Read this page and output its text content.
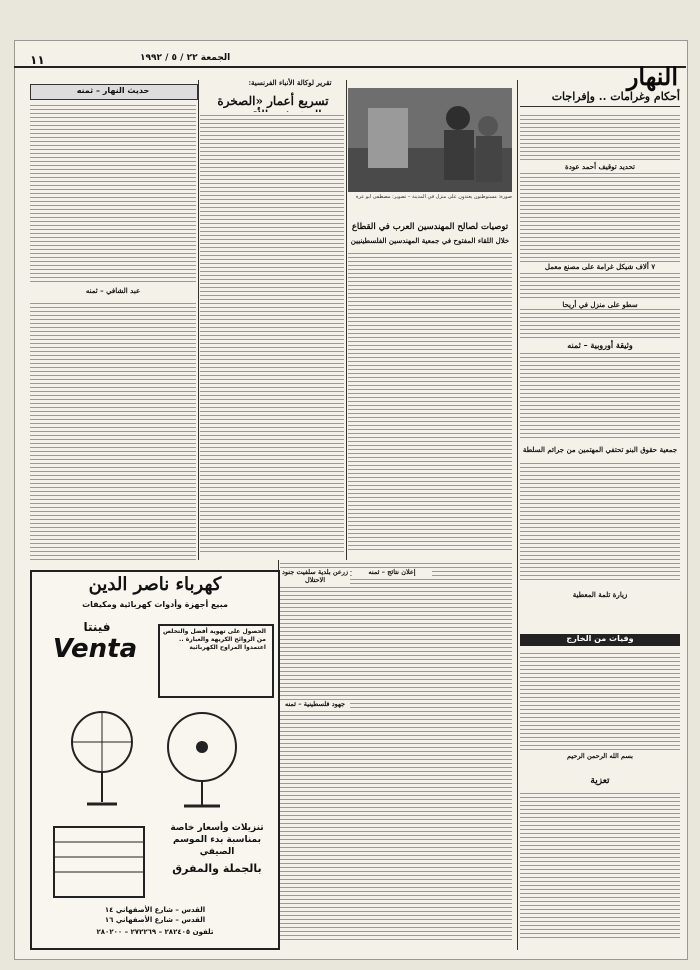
١١	الجمعة ٢٢ / ٥ / ١٩٩٢
النهار
أحكام وغرامات .. وإفراجات
تقرير لوكالة الأنباء الفرنسية:
تسريع أعمار «الصخرة
حديث النهار – ثمنه
صورة: مستوطنون يعتدون على منزل في المدينة – تصوير: مصطفى أبو عرة
توصيات لصالح المهندسين العرب في القطاع
خلال اللقاء المفتوح في جمعية المهندسين الفلسطينيين
وثيقة أوروبية – ثمنه
جمعية حقوق البنو تحتفي المهتمين من جرائم السلطة
عبد الشافي – ثمنه
زرعن بلدية سلفيت جنود الاحتلال
إعلان نتائج – ثمنه
جهود فلسطينية – ثمنه
وفيات من الخارج
بسم الله الرحمن الرحيم
تعزية
كهرباء ناصر الدين
مبيع أجهزة وأدوات كهربائية ومكيفات
فينتا
Venta
الحصول على تهوية أفضل والتخلص من الروائح الكريهة والغبارة .. اعتمدوا المراوح الكهربائية
تنزيلات وأسعار خاصة بمناسبة بدء الموسم الصيفي
بالجملة والمفرق
القدس – شارع الأصفهاني ١٤
القدس – شارع الأصفهاني ١٦
تلفون ٢٨٢٤٠٥ – ٢٧٢٢٦٩ – ٢٨٠٢٠٠
تحديد توقيف أحمد عودة
٧ ألاف شيكل غرامة على مصنع معمل
سطو على منزل في أريحا
زيارة تلمة المعطية
